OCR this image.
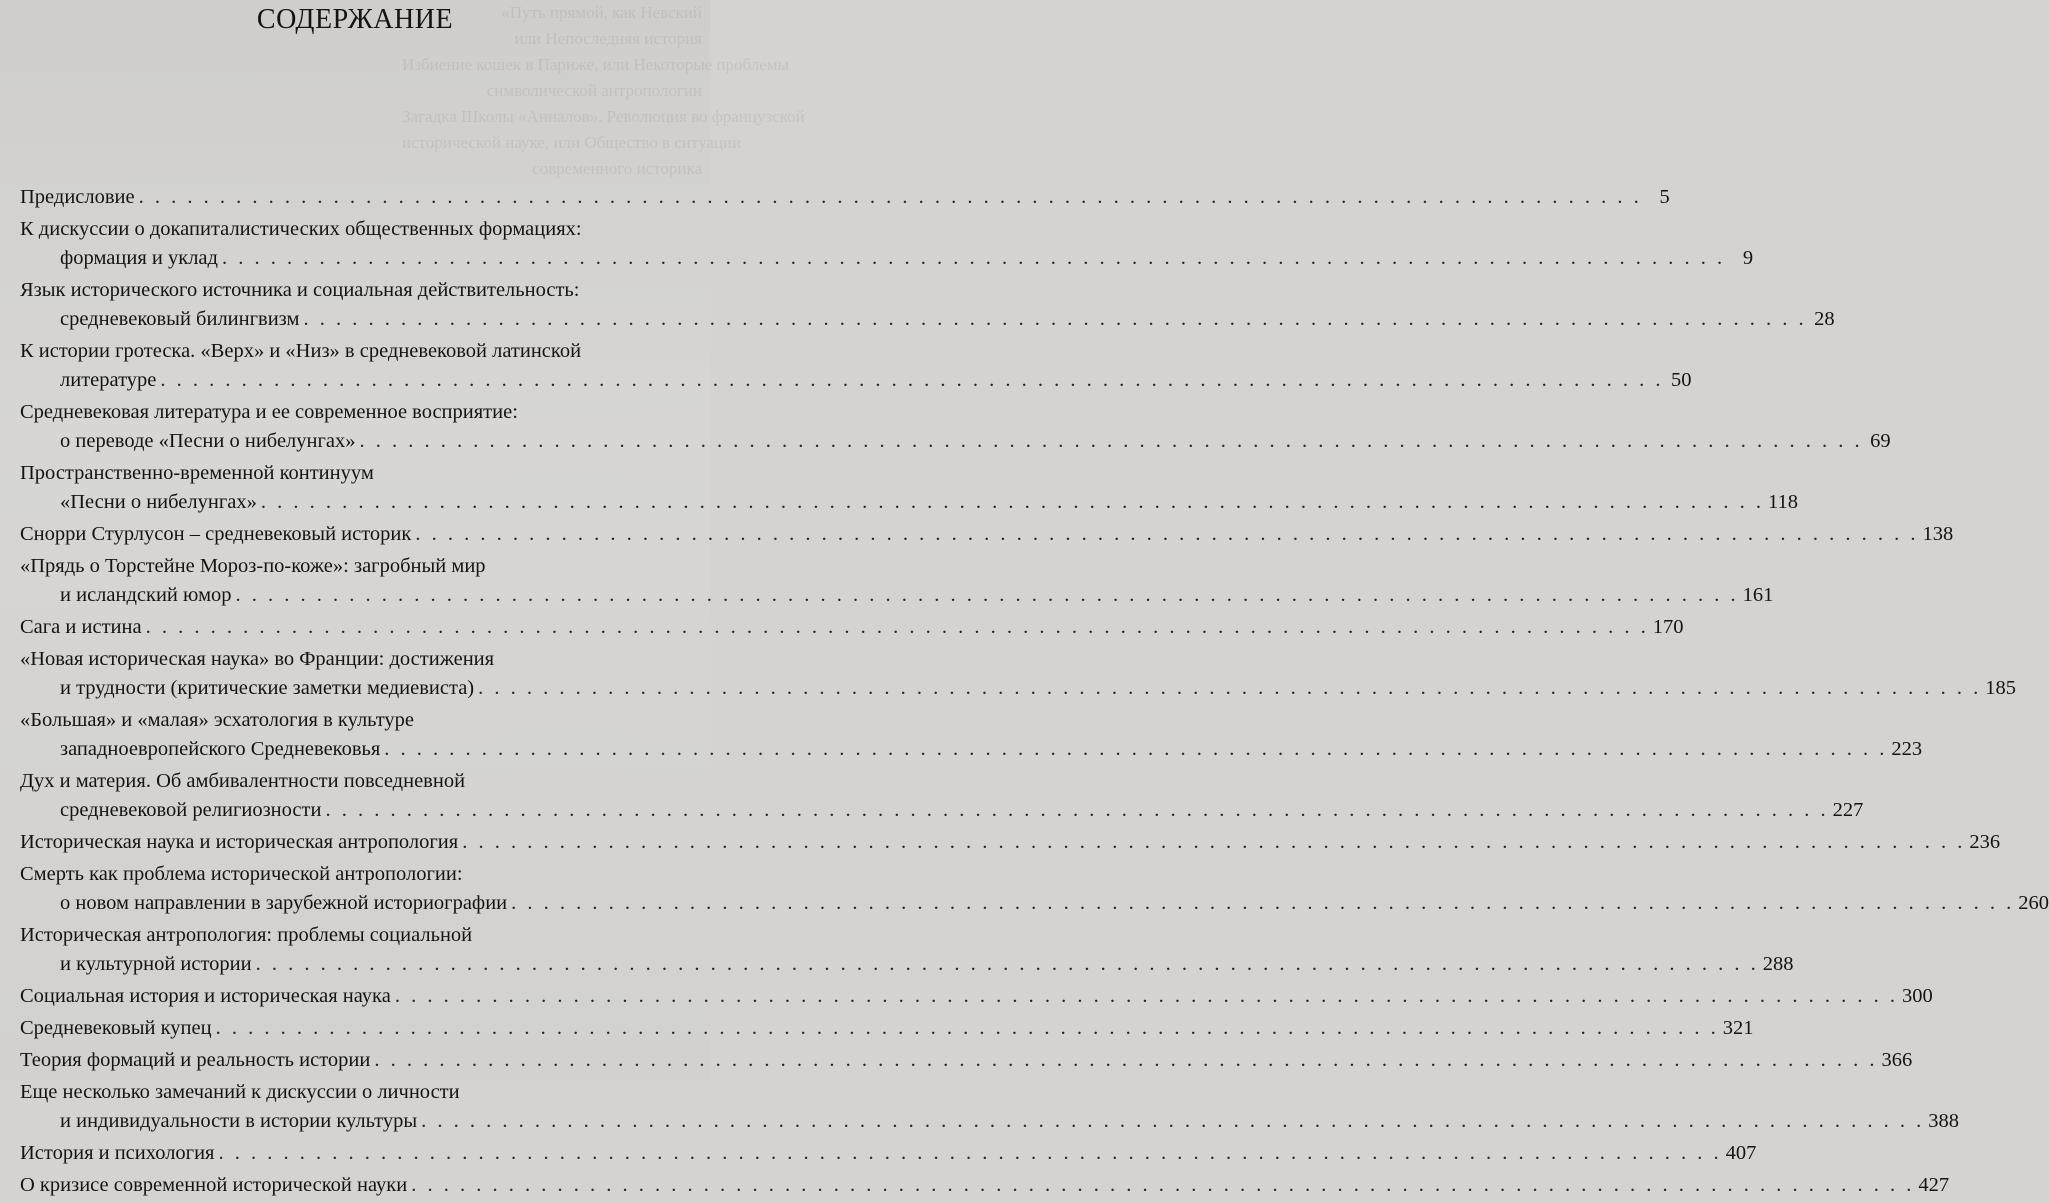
«Путь прямой, как Невский
или Непоследняя история
Избиение кошек в Париже, или Некоторые проблемы
символической антропологии
Загадка Школы «Анналов». Революция во французской
исторической науке, или Общество в ситуации
современного историка
СОДЕРЖАНИЕ
Предисловие . . .	5
К дискуссии о докапиталистических общественных формациях:
формация и уклад . . .	9
Язык исторического источника и социальная действительность:
средневековый билингвизм . . .	28
К истории гротеска. «Верх» и «Низ» в средневековой латинской
литературе . . .	50
Средневековая литература и ее современное восприятие:
о переводе «Песни о нибелунгах» . . .	69
Пространственно-временной континуум
«Песни о нибелунгах» . . .	118
Снорри Стурлусон – средневековый историк . . .	138
«Прядь о Торстейне Мороз-по-коже»: загробный мир
и исландский юмор . . .	161
Сага и истина . . .	170
«Новая историческая наука» во Франции: достижения
и трудности (критические заметки медиевиста) . . .	185
«Большая» и «малая» эсхатология в культуре
западноевропейского Средневековья . . .	223
Дух и материя. Об амбивалентности повседневной
средневековой религиозности . . .	227
Историческая наука и историческая антропология . . .	236
Смерть как проблема исторической антропологии:
о новом направлении в зарубежной историографии . . .	260
Историческая антропология: проблемы социальной
и культурной истории . . .	288
Социальная история и историческая наука . . .	300
Средневековый купец . . .	321
Теория формаций и реальность истории . . .	366
Еще несколько замечаний к дискуссии о личности
и индивидуальности в истории культуры . . .	388
История и психология . . .	407
О кризисе современной исторической науки . . .	427
